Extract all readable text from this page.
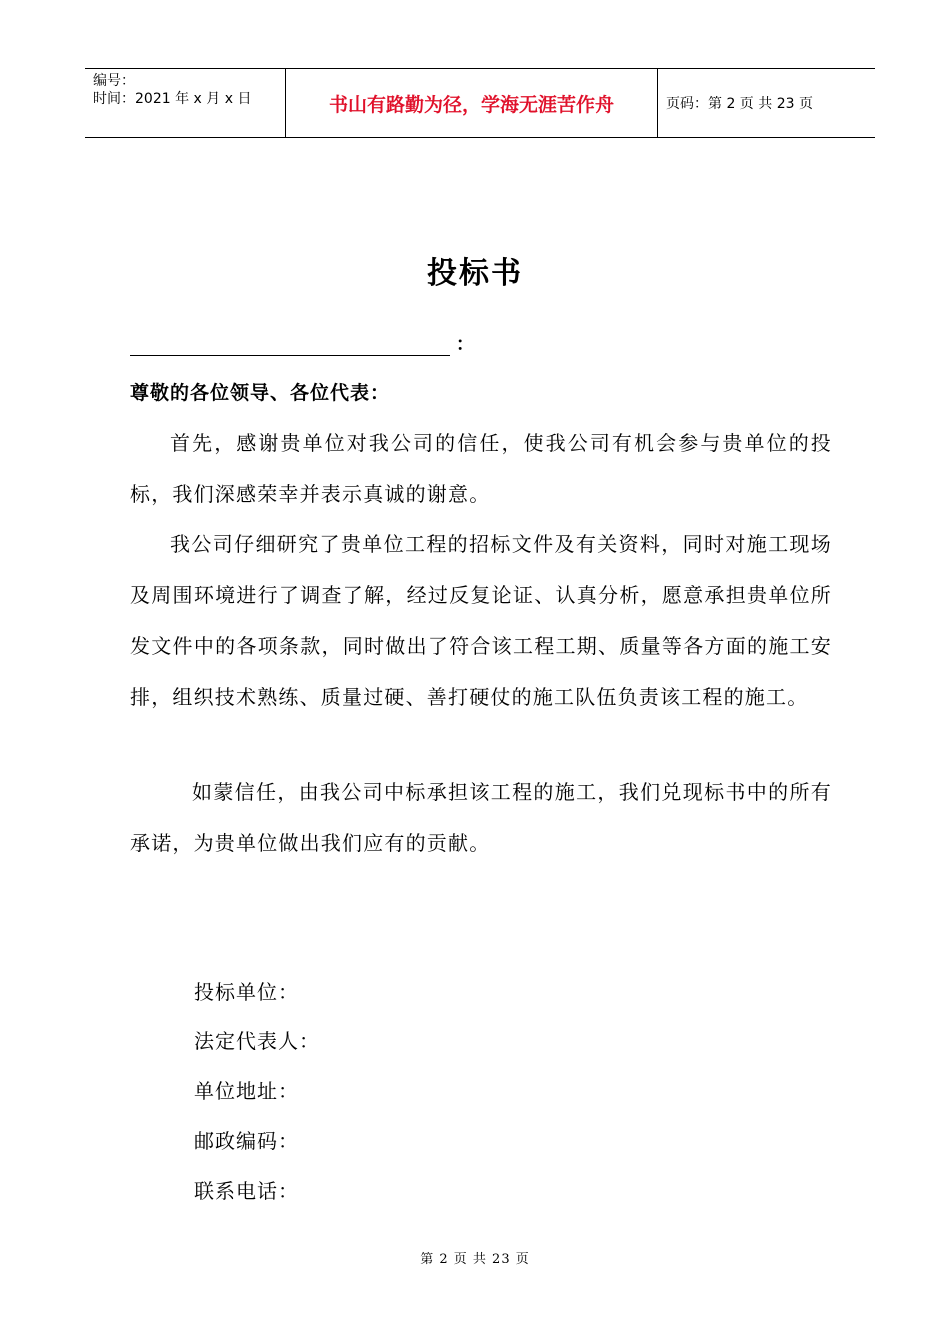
编号：
时间：2021 年 x 月 x 日	书山有路勤为径，学海无涯苦作舟	页码：第 2 页 共 23 页
投标书
：
尊敬的各位领导、各位代表：

首先，感谢贵单位对我公司的信任，使我公司有机会参与贵单位的投标，我们深感荣幸并表示真诚的谢意。

我公司仔细研究了贵单位工程的招标文件及有关资料，同时对施工现场及周围环境进行了调查了解，经过反复论证、认真分析，愿意承担贵单位所发文件中的各项条款，同时做出了符合该工程工期、质量等各方面的施工安排，组织技术熟练、质量过硬、善打硬仗的施工队伍负责该工程的施工。

如蒙信任，由我公司中标承担该工程的施工，我们兑现标书中的所有承诺，为贵单位做出我们应有的贡献。

投标单位：
法定代表人：
单位地址：
邮政编码：
联系电话：
第 2 页 共 23 页
